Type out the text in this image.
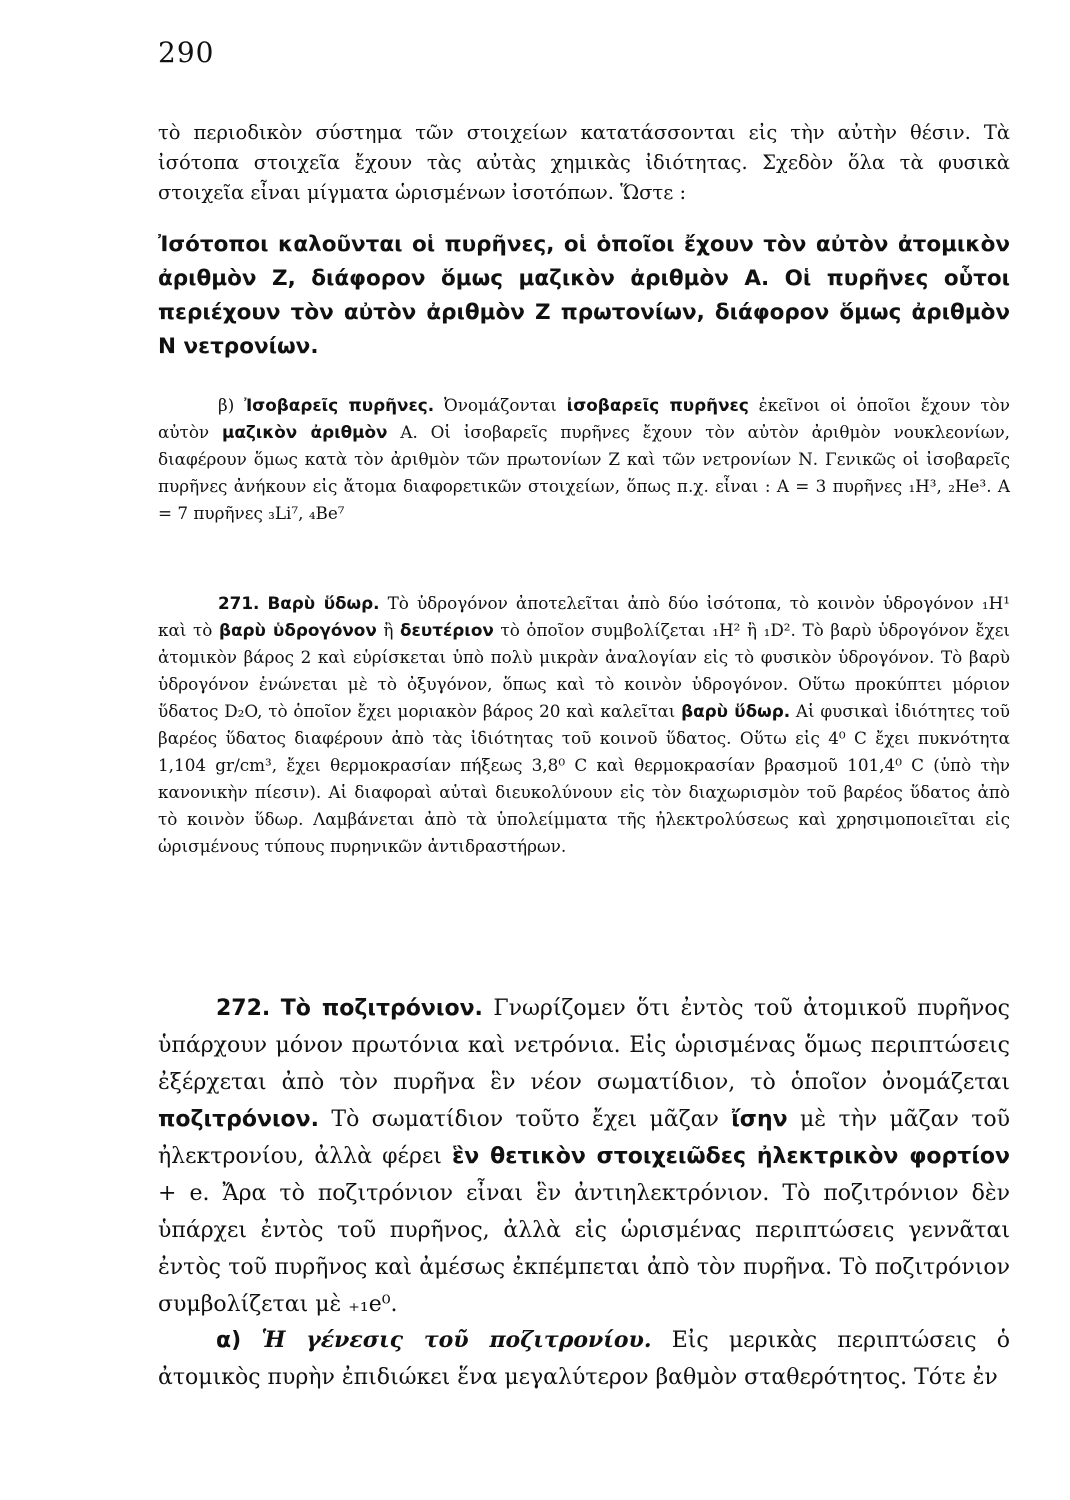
290

τὸ περιοδικὸν σύστημα τῶν στοιχείων κατατάσσονται εἰς τὴν αὐτὴν θέσιν. Τὰ ἰσότοπα στοιχεῖα ἔχουν τὰς αὐτὰς χημικὰς ἰδιότητας. Σχεδὸν ὅλα τὰ φυσικὰ στοιχεῖα εἶναι μίγματα ὡρισμένων ἰσοτόπων. Ὥστε :

Ἰσότοποι καλοῦνται οἱ πυρῆνες, οἱ ὁποῖοι ἔχουν τὸν αὐτὸν ἀτομικὸν ἀριθμὸν Ζ, διάφορον ὅμως μαζικὸν ἀριθμὸν Α. Οἱ πυρῆνες οὗτοι περιέχουν τὸν αὐτὸν ἀριθμὸν Ζ πρωτονίων, διάφορον ὅμως ἀριθμὸν Ν νετρονίων.

β) Ἰσοβαρεῖς πυρῆνες. Ὀνομάζονται ἰσοβαρεῖς πυρῆνες ἐκεῖνοι οἱ ὁποῖοι ἔχουν τὸν αὐτὸν μαζικὸν ἀριθμὸν Α. Οἱ ἰσοβαρεῖς πυρῆνες ἔχουν τὸν αὐτὸν ἀριθμὸν νουκλεονίων, διαφέρουν ὅμως κατὰ τὸν ἀριθμὸν τῶν πρωτονίων Ζ καὶ τῶν νετρονίων Ν. Γενικῶς οἱ ἰσοβαρεῖς πυρῆνες ἀνήκουν εἰς ἄτομα διαφορετικῶν στοιχείων, ὅπως π.χ. εἶναι : Α = 3 πυρῆνες ₁H³, ₂He³. Α = 7 πυρῆνες ₃Li⁷, ₄Be⁷

271. Βαρὺ ὕδωρ. Τὸ ὑδρογόνον ἀποτελεῖται ἀπὸ δύο ἰσότοπα, τὸ κοινὸν ὑδρογόνον ₁H¹ καὶ τὸ βαρὺ ὑδρογόνον ἢ δευτέριον τὸ ὁποῖον συμβολίζεται ₁H² ἢ ₁D². Τὸ βαρὺ ὑδρογόνον ἔχει ἀτομικὸν βάρος 2 καὶ εὑρίσκεται ὑπὸ πολὺ μικρὰν ἀναλογίαν εἰς τὸ φυσικὸν ὑδρογόνον. Τὸ βαρὺ ὑδρογόνον ἑνώνεται μὲ τὸ ὀξυγόνον, ὅπως καὶ τὸ κοινὸν ὑδρογόνον. Οὕτω προκύπτει μόριον ὕδατος D₂O, τὸ ὁποῖον ἔχει μοριακὸν βάρος 20 καὶ καλεῖται βαρὺ ὕδωρ. Αἱ φυσικαὶ ἰδιότητες τοῦ βαρέος ὕδατος διαφέρουν ἀπὸ τὰς ἰδιότητας τοῦ κοινοῦ ὕδατος. Οὕτω εἰς 4⁰ C ἔχει πυκνότητα 1,104 gr/cm³, ἔχει θερμοκρασίαν πήξεως 3,8⁰ C καὶ θερμοκρασίαν βρασμοῦ 101,4⁰ C (ὑπὸ τὴν κανονικὴν πίεσιν). Αἱ διαφοραὶ αὐταὶ διευκολύνουν εἰς τὸν διαχωρισμὸν τοῦ βαρέος ὕδατος ἀπὸ τὸ κοινὸν ὕδωρ. Λαμβάνεται ἀπὸ τὰ ὑπολείμματα τῆς ἠλεκτρολύσεως καὶ χρησιμοποιεῖται εἰς ὡρισμένους τύπους πυρηνικῶν ἀντιδραστήρων.

272. Τὸ ποζιτρόνιον. Γνωρίζομεν ὅτι ἐντὸς τοῦ ἀτομικοῦ πυρῆνος ὑπάρχουν μόνον πρωτόνια καὶ νετρόνια. Εἰς ὡρισμένας ὅμως περιπτώσεις ἐξέρχεται ἀπὸ τὸν πυρῆνα ἓν νέον σωματίδιον, τὸ ὁποῖον ὀνομάζεται ποζιτρόνιον. Τὸ σωματίδιον τοῦτο ἔχει μᾶζαν ἴσην μὲ τὴν μᾶζαν τοῦ ἠλεκτρονίου, ἀλλὰ φέρει ἓν θετικὸν στοιχειῶδες ἠλεκτρικὸν φορτίον + e. Ἄρα τὸ ποζιτρόνιον εἶναι ἓν ἀντιηλεκτρόνιον. Τὸ ποζιτρόνιον δὲν ὑπάρχει ἐντὸς τοῦ πυρῆνος, ἀλλὰ εἰς ὡρισμένας περιπτώσεις γεννᾶται ἐντὸς τοῦ πυρῆνος καὶ ἀμέσως ἐκπέμπεται ἀπὸ τὸν πυρῆνα. Τὸ ποζιτρόνιον συμβολίζεται μὲ ₊₁e⁰.

α) Ἡ γένεσις τοῦ ποζιτρονίου. Εἰς μερικὰς περιπτώσεις ὁ ἀτομικὸς πυρὴν ἐπιδιώκει ἕνα μεγαλύτερον βαθμὸν σταθερότητος. Τότε ἐν
